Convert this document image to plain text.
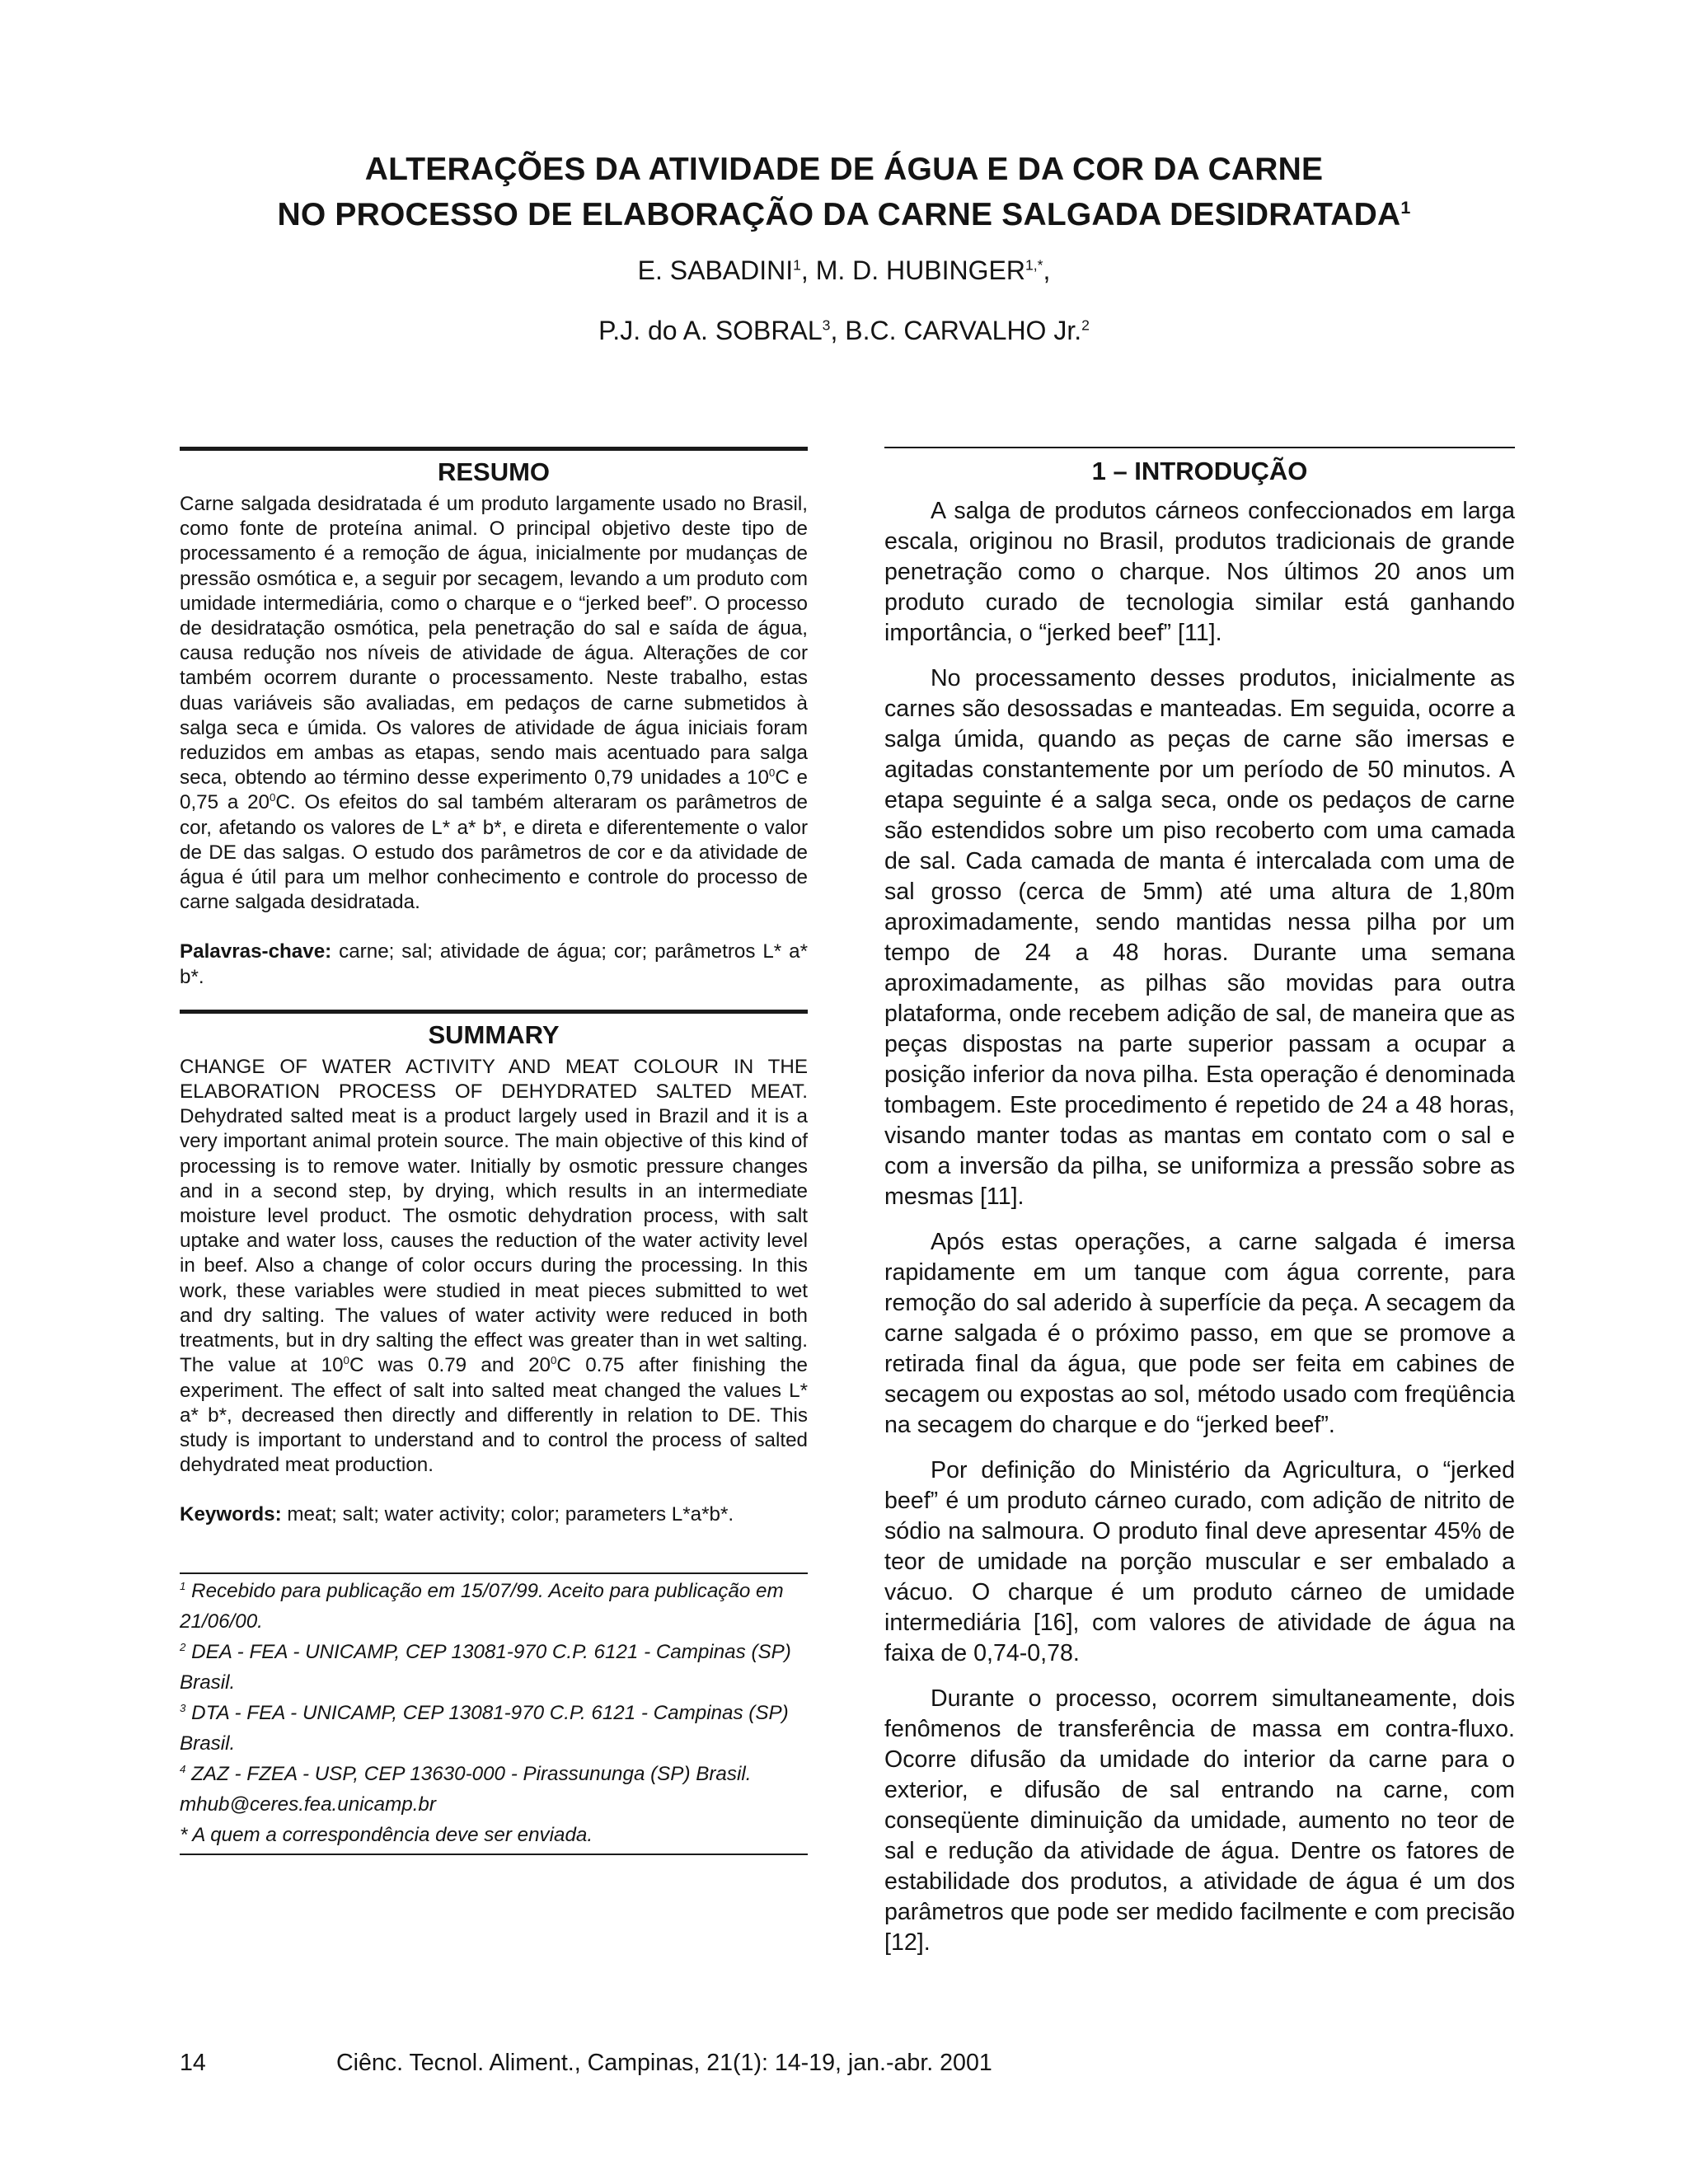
ALTERAÇÕES DA ATIVIDADE DE ÁGUA E DA COR DA CARNE
NO PROCESSO DE ELABORAÇÃO DA CARNE SALGADA DESIDRATADA$^1$
E. SABADINI$^1$, M. D. $HUBINGER^{1,*}$,
P.J. do A. SOBRAL$^3$, B.C. CARVALHO Jr.$^2$
RESUMO

Carne salgada desidratada é um produto largamente usado no Brasil, como fonte de proteína animal. O principal objetivo deste tipo de processamento é a remoção de água, inicialmente por mudanças de pressão osmótica e, a seguir por secagem, levando a um produto com umidade intermediária, como o charque e o “jerked beef”. O processo de desidratação osmótica, pela penetração do sal e saída de água, causa redução nos níveis de atividade de água. Alterações de cor também ocorrem durante o processamento. Neste trabalho, estas duas variáveis são avaliadas, em pedaços de carne submetidos à salga seca e úmida. Os valores de atividade de água iniciais foram reduzidos em ambas as etapas, sendo mais acentuado para salga seca, obtendo ao término desse experimento 0,79 unidades a $10^0C$ e 0,75 a $20^0C$. Os efeitos do sal também alteraram os parâmetros de cor, afetando os valores de L* a* b*, e direta e diferentemente o valor de DE das salgas. O estudo dos parâmetros de cor e da atividade de água é útil para um melhor conhecimento e controle do processo de carne salgada desidratada.

Palavras-chave: carne; sal; atividade de água; cor; parâmetros L* a* b*.
SUMMARY

CHANGE OF WATER ACTIVITY AND MEAT COLOUR IN THE ELABORATION PROCESS OF DEHYDRATED SALTED MEAT. Dehydrated salted meat is a product largely used in Brazil and it is a very important animal protein source. The main objective of this kind of processing is to remove water. Initially by osmotic pressure changes and in a second step, by drying, which results in an intermediate moisture level product. The osmotic dehydration process, with salt uptake and water loss, causes the reduction of the water activity level in beef. Also a change of color occurs during the processing. In this work, these variables were studied in meat pieces submitted to wet and dry salting. The values of water activity were reduced in both treatments, but in dry salting the effect was greater than in wet salting. The value at $10^0C$ was 0.79 and $20^0C$ 0.75 after finishing the experiment. The effect of salt into salted meat changed the values L* a* b*, decreased then directly and differently in relation to DE. This study is important to understand and to control the process of salted dehydrated meat production.

Keywords: meat; salt; water activity; color; parameters L*a*b*.
$^1$ Recebido para publicação em 15/07/99. Aceito para publicação em 21/06/00.
$^2$ DEA - FEA - UNICAMP, CEP 13081-970 C.P. 6121 - Campinas (SP) Brasil.
$^3$ DTA - FEA - UNICAMP, CEP 13081-970 C.P. 6121 - Campinas (SP) Brasil.
$^4$ ZAZ - FZEA - USP, CEP 13630-000 - Pirassununga (SP) Brasil.
mhub@ceres.fea.unicamp.br
* A quem a correspondência deve ser enviada.
1 – INTRODUÇÃO

A salga de produtos cárneos confeccionados em larga escala, originou no Brasil, produtos tradicionais de grande penetração como o charque. Nos últimos 20 anos um produto curado de tecnologia similar está ganhando importância, o “jerked beef” [11].

No processamento desses produtos, inicialmente as carnes são desossadas e manteadas. Em seguida, ocorre a salga úmida, quando as peças de carne são imersas e agitadas constantemente por um período de 50 minutos. A etapa seguinte é a salga seca, onde os pedaços de carne são estendidos sobre um piso recoberto com uma camada de sal. Cada camada de manta é intercalada com uma de sal grosso (cerca de 5mm) até uma altura de 1,80m aproximadamente, sendo mantidas nessa pilha por um tempo de 24 a 48 horas. Durante uma semana aproximadamente, as pilhas são movidas para outra plataforma, onde recebem adição de sal, de maneira que as peças dispostas na parte superior passam a ocupar a posição inferior da nova pilha. Esta operação é denominada tombagem. Este procedimento é repetido de 24 a 48 horas, visando manter todas as mantas em contato com o sal e com a inversão da pilha, se uniformiza a pressão sobre as mesmas [11].

Após estas operações, a carne salgada é imersa rapidamente em um tanque com água corrente, para remoção do sal aderido à superfície da peça. A secagem da carne salgada é o próximo passo, em que se promove a retirada final da água, que pode ser feita em cabines de secagem ou expostas ao sol, método usado com freqüência na secagem do charque e do “jerked beef”.

Por definição do Ministério da Agricultura, o “jerked beef” é um produto cárneo curado, com adição de nitrito de sódio na salmoura. O produto final deve apresentar 45% de teor de umidade na porção muscular e ser embalado a vácuo. O charque é um produto cárneo de umidade intermediária [16], com valores de atividade de água na faixa de 0,74-0,78.

Durante o processo, ocorrem simultaneamente, dois fenômenos de transferência de massa em contra-fluxo. Ocorre difusão da umidade do interior da carne para o exterior, e difusão de sal entrando na carne, com conseqüente diminuição da umidade, aumento no teor de sal e redução da atividade de água. Dentre os fatores de estabilidade dos produtos, a atividade de água é um dos parâmetros que pode ser medido facilmente e com precisão [12].

14	Ciênc. Tecnol. Aliment., Campinas, 21(1): 14-19, jan.-abr. 2001
